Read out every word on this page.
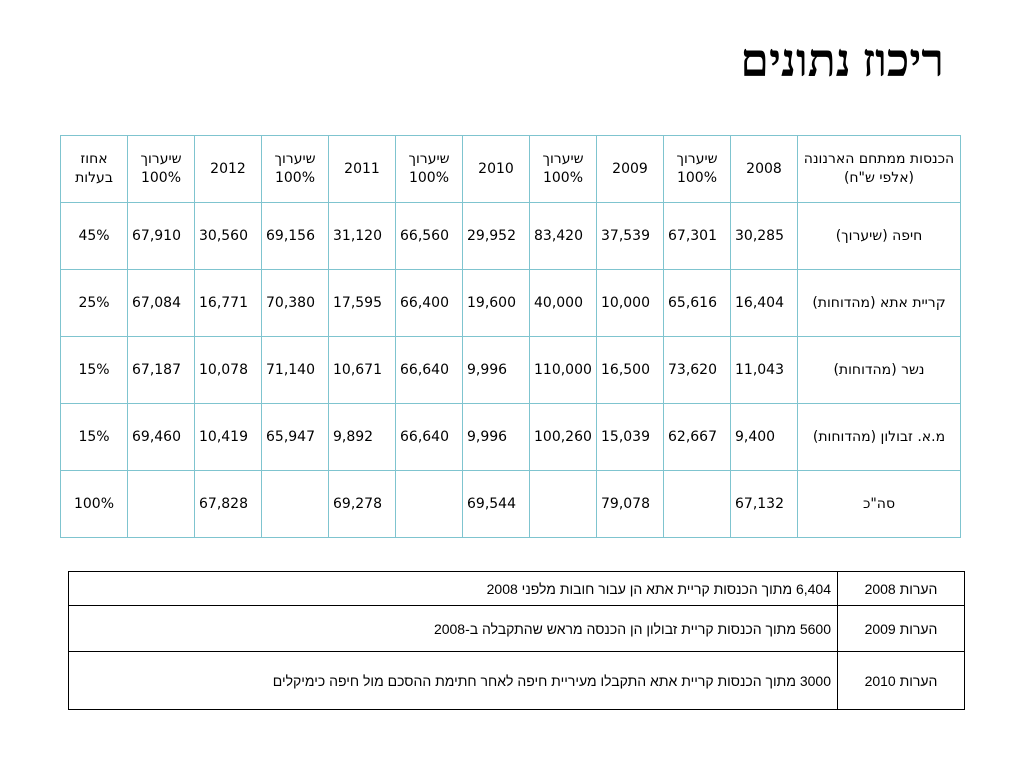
ריכוז נתונים
הכנסות ממתחם הארנונה (אלפי ש"ח)	2008	שיערוך 100%	2009	שיערוך 100%	2010	שיערוך 100%	2011	שיערוך 100%	2012	שיערוך 100%	אחוז בעלות
חיפה (שיערוך)	30,285	67,301	37,539	83,420	29,952	66,560	31,120	69,156	30,560	67,910	45%
קריית אתא (מהדוחות)	16,404	65,616	10,000	40,000	19,600	66,400	17,595	70,380	16,771	67,084	25%
נשר (מהדוחות)	11,043	73,620	16,500	110,000	9,996	66,640	10,671	71,140	10,078	67,187	15%
מ.א. זבולון (מהדוחות)	9,400	62,667	15,039	100,260	9,996	66,640	9,892	65,947	10,419	69,460	15%
סה"כ	67,132		79,078		69,544		69,278		67,828		100%
הערות 2008	6,404 מתוך הכנסות קריית אתא הן עבור חובות מלפני 2008
הערות 2009	5600 מתוך הכנסות קריית זבולון הן הכנסה מראש שהתקבלה ב-2008
הערות 2010	3000 מתוך הכנסות קריית אתא התקבלו מעיריית חיפה לאחר חתימת ההסכם מול חיפה כימיקלים
